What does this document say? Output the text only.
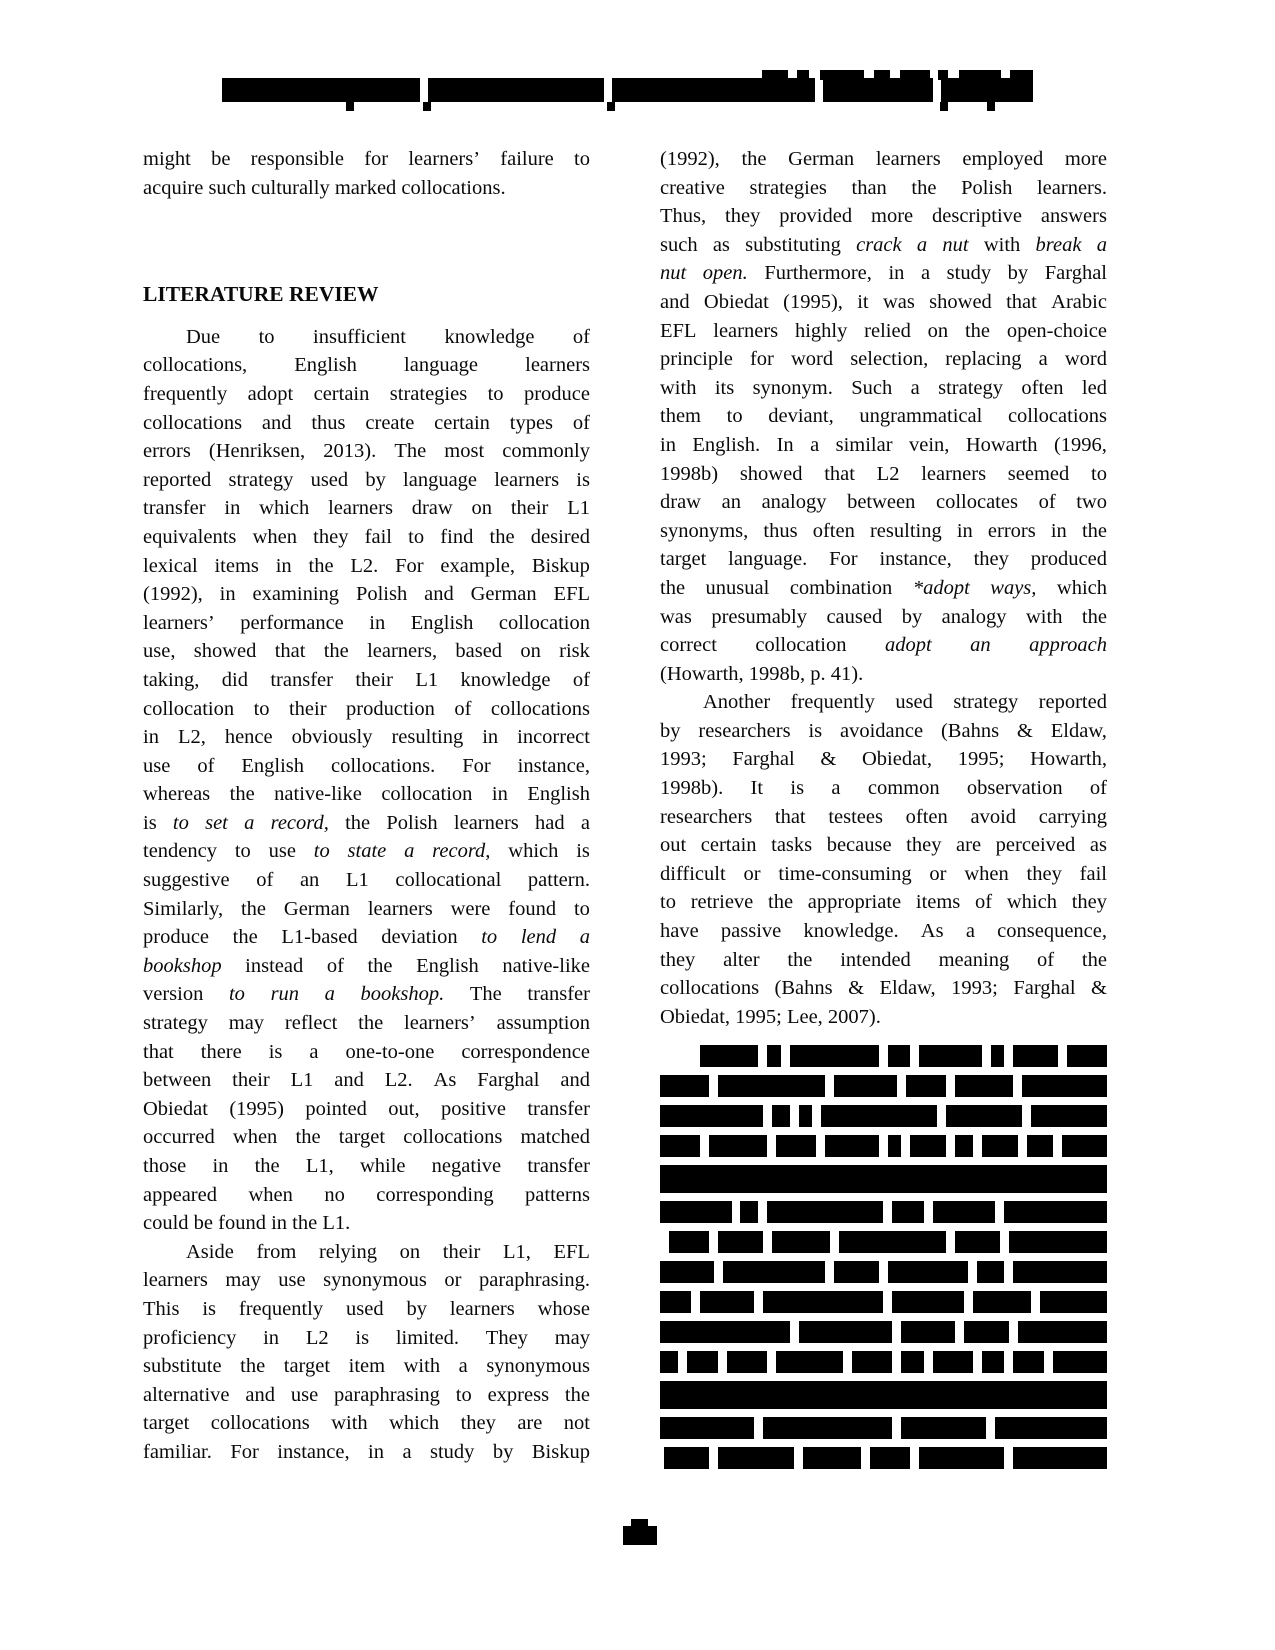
might be responsible for learners’ failure to
acquire such culturally marked collocations.
LITERATURE REVIEW
Due to insufficient knowledge of
collocations, English language learners
frequently adopt certain strategies to produce
collocations and thus create certain types of
errors (Henriksen, 2013). The most commonly
reported strategy used by language learners is
transfer in which learners draw on their L1
equivalents when they fail to find the desired
lexical items in the L2. For example, Biskup
(1992), in examining Polish and German EFL
learners’ performance in English collocation
use, showed that the learners, based on risk
taking, did transfer their L1 knowledge of
collocation to their production of collocations
in L2, hence obviously resulting in incorrect
use of English collocations. For instance,
whereas the native-like collocation in English
is to set a record, the Polish learners had a
tendency to use to state a record, which is
suggestive of an L1 collocational pattern.
Similarly, the German learners were found to
produce the L1-based deviation to lend a
bookshop instead of the English native-like
version to run a bookshop. The transfer
strategy may reflect the learners’ assumption
that there is a one-to-one correspondence
between their L1 and L2. As Farghal and
Obiedat (1995) pointed out, positive transfer
occurred when the target collocations matched
those in the L1, while negative transfer
appeared when no corresponding patterns
could be found in the L1.
Aside from relying on their L1, EFL
learners may use synonymous or paraphrasing.
This is frequently used by learners whose
proficiency in L2 is limited. They may
substitute the target item with a synonymous
alternative and use paraphrasing to express the
target collocations with which they are not
familiar. For instance, in a study by Biskup
(1992), the German learners employed more
creative strategies than the Polish learners.
Thus, they provided more descriptive answers
such as substituting crack a nut with break a
nut open. Furthermore, in a study by Farghal
and Obiedat (1995), it was showed that Arabic
EFL learners highly relied on the open-choice
principle for word selection, replacing a word
with its synonym. Such a strategy often led
them to deviant, ungrammatical collocations
in English. In a similar vein, Howarth (1996,
1998b) showed that L2 learners seemed to
draw an analogy between collocates of two
synonyms, thus often resulting in errors in the
target language. For instance, they produced
the unusual combination *adopt ways, which
was presumably caused by analogy with the
correct collocation adopt an approach
(Howarth, 1998b, p. 41).
Another frequently used strategy reported
by researchers is avoidance (Bahns & Eldaw,
1993; Farghal & Obiedat, 1995; Howarth,
1998b). It is a common observation of
researchers that testees often avoid carrying
out certain tasks because they are perceived as
difficult or time-consuming or when they fail
to retrieve the appropriate items of which they
have passive knowledge. As a consequence,
they alter the intended meaning of the
collocations (Bahns & Eldaw, 1993; Farghal &
Obiedat, 1995; Lee, 2007).
